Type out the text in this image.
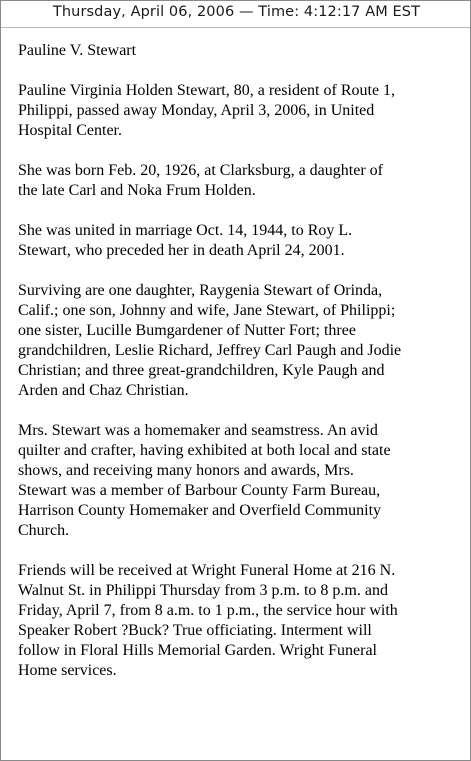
Thursday, April 06, 2006 — Time: 4:12:17 AM EST

Pauline V. Stewart

Pauline Virginia Holden Stewart, 80, a resident of Route 1,
Philippi, passed away Monday, April 3, 2006, in United
Hospital Center.

She was born Feb. 20, 1926, at Clarksburg, a daughter of
the late Carl and Noka Frum Holden.

She was united in marriage Oct. 14, 1944, to Roy L.
Stewart, who preceded her in death April 24, 2001.

Surviving are one daughter, Raygenia Stewart of Orinda,
Calif.; one son, Johnny and wife, Jane Stewart, of Philippi;
one sister, Lucille Bumgardener of Nutter Fort; three
grandchildren, Leslie Richard, Jeffrey Carl Paugh and Jodie
Christian; and three great-grandchildren, Kyle Paugh and
Arden and Chaz Christian.

Mrs. Stewart was a homemaker and seamstress. An avid
quilter and crafter, having exhibited at both local and state
shows, and receiving many honors and awards, Mrs.
Stewart was a member of Barbour County Farm Bureau,
Harrison County Homemaker and Overfield Community
Church.

Friends will be received at Wright Funeral Home at 216 N.
Walnut St. in Philippi Thursday from 3 p.m. to 8 p.m. and
Friday, April 7, from 8 a.m. to 1 p.m., the service hour with
Speaker Robert ?Buck? True officiating. Interment will
follow in Floral Hills Memorial Garden. Wright Funeral
Home services.
